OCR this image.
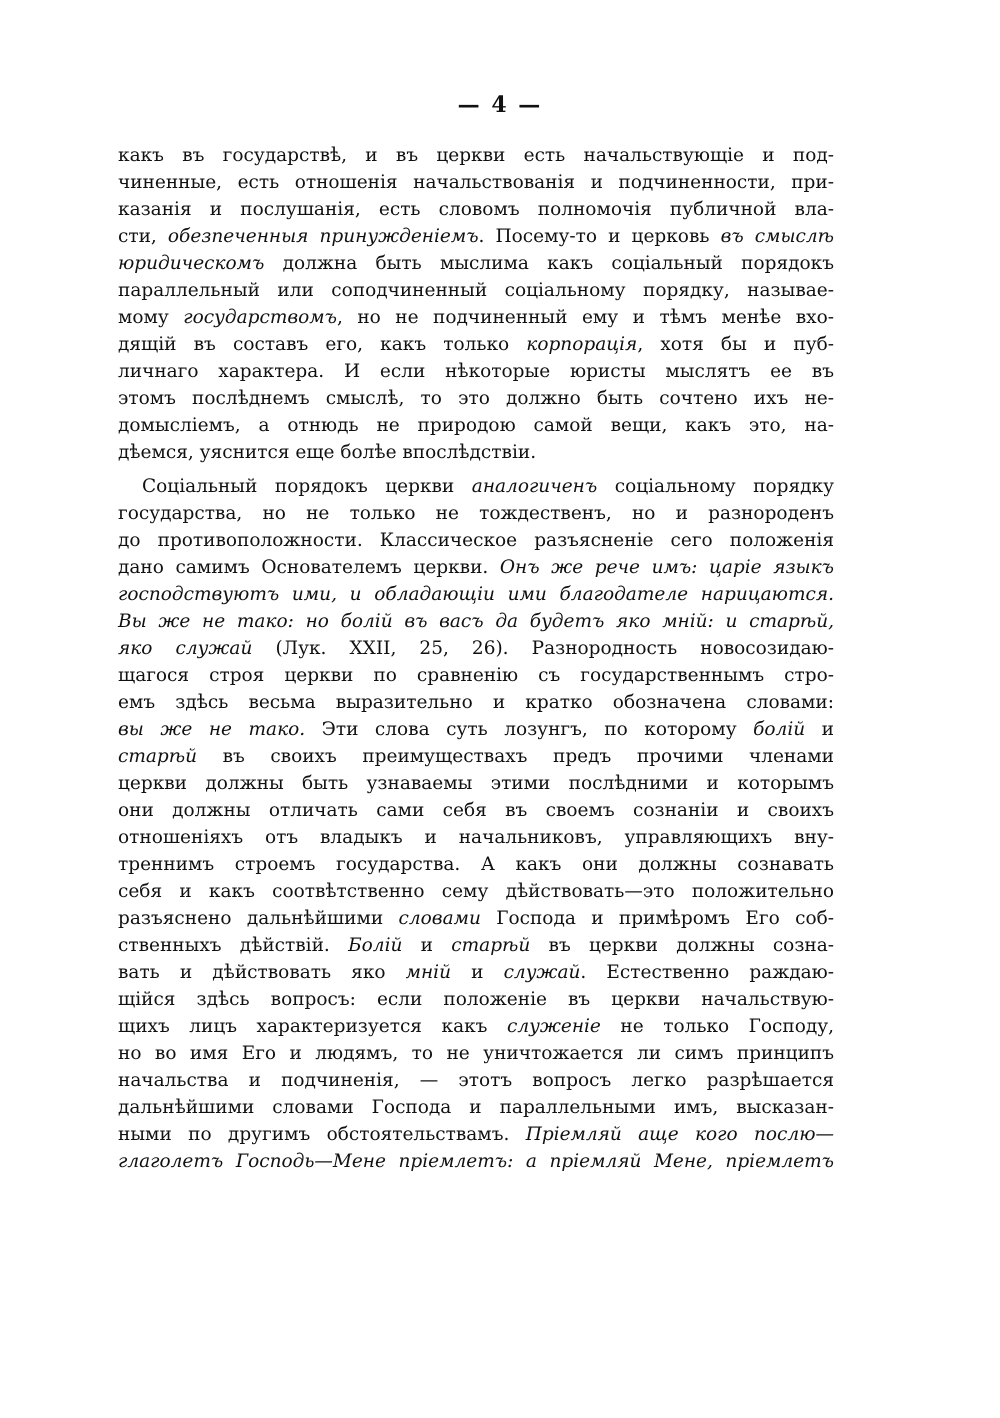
— 4 —
какъ въ государствѣ, и въ церкви есть начальствующіе и под-
чиненные, есть отношенія начальствованія и подчиненности, при-
казанія и послушанія, есть словомъ полномочія публичной вла-
сти, обезпеченныя принужденіемъ. Посему-то и церковь въ смыслѣ
юридическомъ должна быть мыслима какъ соціальный порядокъ
параллельный или соподчиненный соціальному порядку, называе-
мому государствомъ, но не подчиненный ему и тѣмъ менѣе вхо-
дящій въ составъ его, какъ только корпорація, хотя бы и пуб-
личнаго характера. И если нѣкоторые юристы мыслятъ ее въ
этомъ послѣднемъ смыслѣ, то это должно быть сочтено ихъ не-
домысліемъ, а отнюдь не природою самой вещи, какъ это, на-
дѣемся, уяснится еще болѣе впослѣдствіи.
Соціальный порядокъ церкви аналогиченъ соціальному порядку
государства, но не только не тождественъ, но и разнороденъ
до противоположности. Классическое разъясненіе сего положенія
дано самимъ Основателемъ церкви. Онъ же рече имъ: царіе языкъ
господствуютъ ими, и обладающіи ими благодателе нарицаются.
Вы же не тако: но болій въ васъ да будетъ яко мній: и старѣй,
яко служай (Лук. XXII, 25, 26). Разнородность новосозидаю-
щагося строя церкви по сравненію съ государственнымъ стро-
емъ здѣсь весьма выразительно и кратко обозначена словами:
вы же не тако. Эти слова суть лозунгъ, по которому болій и
старѣй въ своихъ преимуществахъ предъ прочими членами
церкви должны быть узнаваемы этими послѣдними и которымъ
они должны отличать сами себя въ своемъ сознаніи и своихъ
отношеніяхъ отъ владыкъ и начальниковъ, управляющихъ вну-
треннимъ строемъ государства. А какъ они должны сознавать
себя и какъ соотвѣтственно сему дѣйствовать—это положительно
разъяснено дальнѣйшими словами Господа и примѣромъ Его соб-
ственныхъ дѣйствій. Болій и старѣй въ церкви должны созна-
вать и дѣйствовать яко мній и служай. Естественно раждаю-
щійся здѣсь вопросъ: если положеніе въ церкви начальствую-
щихъ лицъ характеризуется какъ служеніе не только Господу,
но во имя Его и людямъ, то не уничтожается ли симъ принципъ
начальства и подчиненія, — этотъ вопросъ легко разрѣшается
дальнѣйшими словами Господа и параллельными имъ, высказан-
ными по другимъ обстоятельствамъ. Пріемляй аще кого послю—
глаголетъ Господь—Мене пріемлетъ: а пріемляй Мене, пріемлетъ
